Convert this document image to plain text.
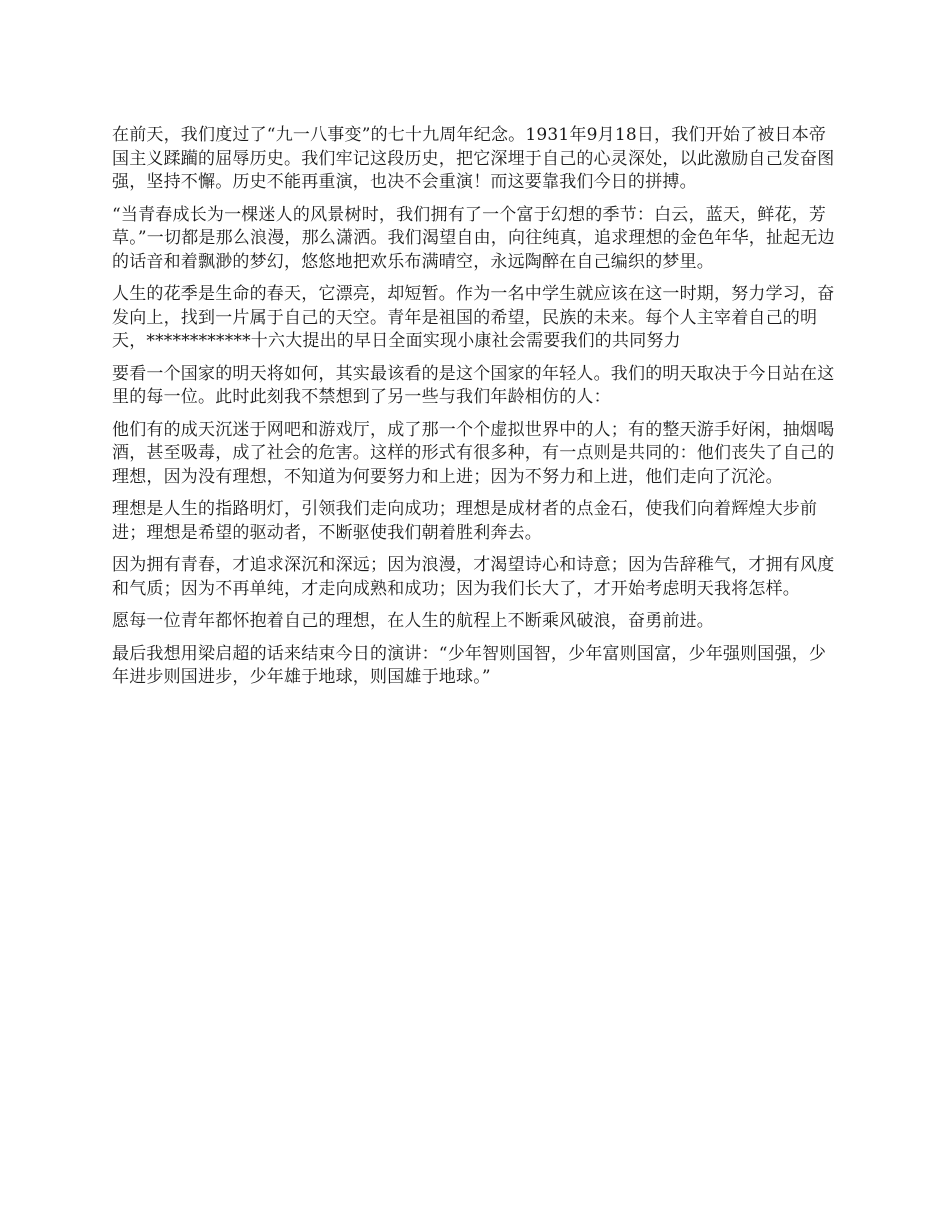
在前天，我们度过了“九一八事变”的七十九周年纪念。1931年9月18日，我们开始了被日本帝国主义蹂躏的屈辱历史。我们牢记这段历史，把它深埋于自己的心灵深处，以此激励自己发奋图强，坚持不懈。历史不能再重演，也决不会重演！而这要靠我们今日的拼搏。

“当青春成长为一棵迷人的风景树时，我们拥有了一个富于幻想的季节：白云，蓝天，鲜花，芳草。”一切都是那么浪漫，那么潇洒。我们渴望自由，向往纯真，追求理想的金色年华，扯起无边的话音和着飘渺的梦幻，悠悠地把欢乐布满晴空，永远陶醉在自己编织的梦里。

人生的花季是生命的春天，它漂亮，却短暂。作为一名中学生就应该在这一时期，努力学习，奋发向上，找到一片属于自己的天空。青年是祖国的希望，民族的未来。每个人主宰着自己的明天，************十六大提出的早日全面实现小康社会需要我们的共同努力

要看一个国家的明天将如何，其实最该看的是这个国家的年轻人。我们的明天取决于今日站在这里的每一位。此时此刻我不禁想到了另一些与我们年龄相仿的人：

他们有的成天沉迷于网吧和游戏厅，成了那一个个虚拟世界中的人；有的整天游手好闲，抽烟喝酒，甚至吸毒，成了社会的危害。这样的形式有很多种，有一点则是共同的：他们丧失了自己的理想，因为没有理想，不知道为何要努力和上进；因为不努力和上进，他们走向了沉沦。

理想是人生的指路明灯，引领我们走向成功；理想是成材者的点金石，使我们向着辉煌大步前进；理想是希望的驱动者，不断驱使我们朝着胜利奔去。

因为拥有青春，才追求深沉和深远；因为浪漫，才渴望诗心和诗意；因为告辞稚气，才拥有风度和气质；因为不再单纯，才走向成熟和成功；因为我们长大了，才开始考虑明天我将怎样。

愿每一位青年都怀抱着自己的理想，在人生的航程上不断乘风破浪，奋勇前进。

最后我想用梁启超的话来结束今日的演讲：“少年智则国智，少年富则国富，少年强则国强，少年进步则国进步，少年雄于地球，则国雄于地球。”
